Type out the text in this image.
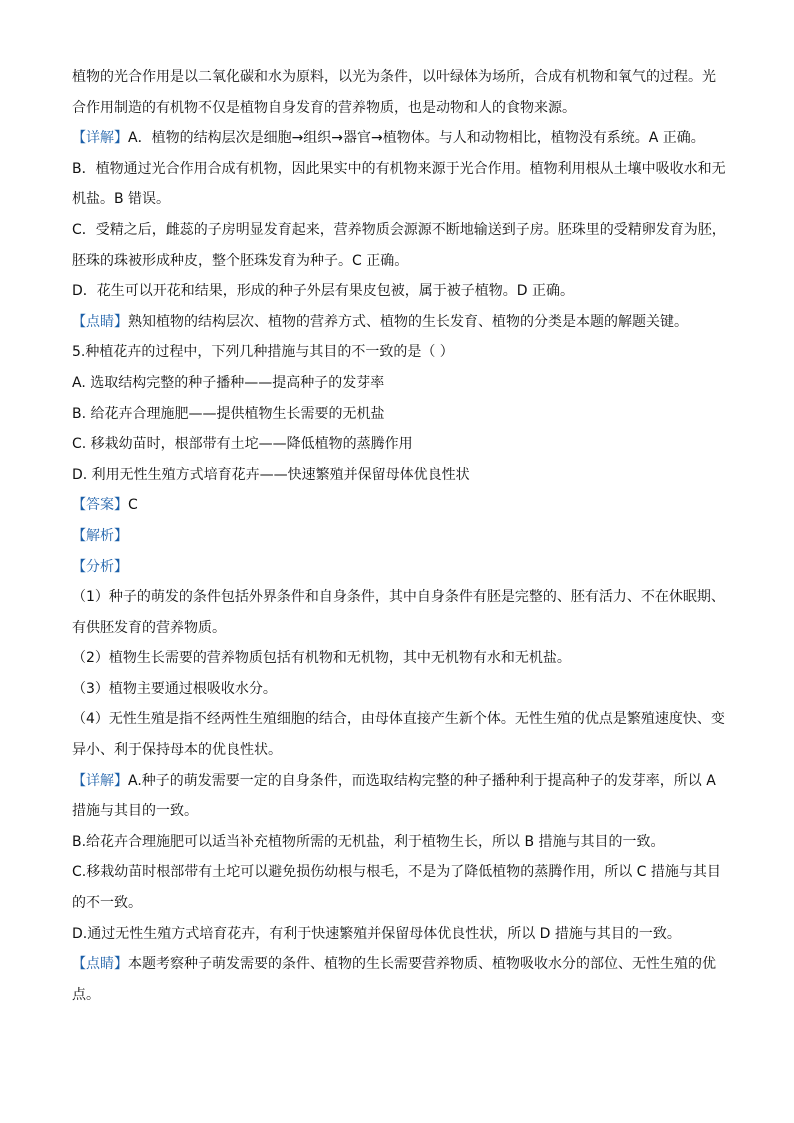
植物的光合作用是以二氧化碳和水为原料，以光为条件，以叶绿体为场所，合成有机物和氧气的过程。光

合作用制造的有机物不仅是植物自身发育的营养物质，也是动物和人的食物来源。

【详解】A．植物的结构层次是细胞→组织→器官→植物体。与人和动物相比，植物没有系统。A 正确。

B．植物通过光合作用合成有机物，因此果实中的有机物来源于光合作用。植物利用根从土壤中吸收水和无

机盐。B 错误。

C．受精之后，雌蕊的子房明显发育起来，营养物质会源源不断地输送到子房。胚珠里的受精卵发育为胚，

胚珠的珠被形成种皮，整个胚珠发育为种子。C 正确。

D．花生可以开花和结果，形成的种子外层有果皮包被，属于被子植物。D 正确。

【点睛】熟知植物的结构层次、植物的营养方式、植物的生长发育、植物的分类是本题的解题关键。

5.种植花卉的过程中，下列几种措施与其目的不一致的是（ ）

A. 选取结构完整的种子播种——提高种子的发芽率

B. 给花卉合理施肥——提供植物生长需要的无机盐

C. 移栽幼苗时，根部带有土坨——降低植物的蒸腾作用

D. 利用无性生殖方式培育花卉——快速繁殖并保留母体优良性状

【答案】C

【解析】

【分析】

（1）种子的萌发的条件包括外界条件和自身条件，其中自身条件有胚是完整的、胚有活力、不在休眠期、

有供胚发育的营养物质。

（2）植物生长需要的营养物质包括有机物和无机物，其中无机物有水和无机盐。

（3）植物主要通过根吸收水分。

（4）无性生殖是指不经两性生殖细胞的结合，由母体直接产生新个体。无性生殖的优点是繁殖速度快、变

异小、利于保持母本的优良性状。

【详解】A.种子的萌发需要一定的自身条件，而选取结构完整的种子播种利于提高种子的发芽率，所以 A

措施与其目的一致。

B.给花卉合理施肥可以适当补充植物所需的无机盐，利于植物生长，所以 B 措施与其目的一致。

C.移栽幼苗时根部带有土坨可以避免损伤幼根与根毛，不是为了降低植物的蒸腾作用，所以 C 措施与其目

的不一致。

D.通过无性生殖方式培育花卉，有利于快速繁殖并保留母体优良性状，所以 D 措施与其目的一致。

【点睛】本题考察种子萌发需要的条件、植物的生长需要营养物质、植物吸收水分的部位、无性生殖的优

点。
